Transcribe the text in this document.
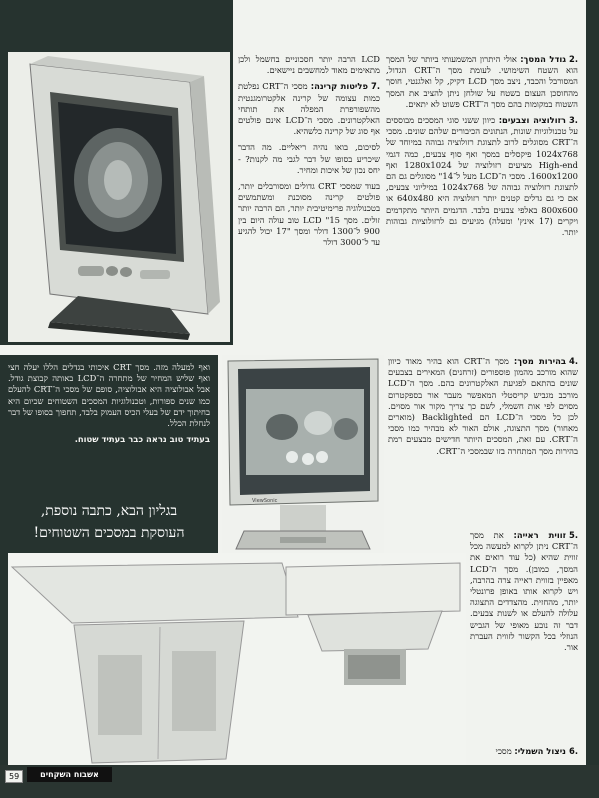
ViewSonic

.2גודל המסך: אולי היתרון המשמעותי ביותר של המסך הוא השטח השימושי. לעומת מסך ה־CRT הגדול, המסורבל והכבד, ניצב מסך LCD דקיק, קל ואלגנטי, חוסך מהחוסכן העצום בשטח על שולחן ניתן להציב את המסך השטוח במקומות בהם מסך ה־CRT פשוט לא יתאים.

.3רזולוציה וצבעים: כיוון ששני סוגי המסכים מבוססים על טכנולוגיות שונות, הנתונים הכיבורים שלהם שונים. מסכי ה־CRT מסוגלים לרוב לתצוגת רזולוציה גבוהה במיוחד של 1024x768 פיקסלים במסך ואף סוף צבעים, כמה דגמי High-end מציעים רזולוציה של 1280x1024 ואף 1600x1200. מסכי ה־LCD מעל ל־14" מסוגלים גם הם לתצוגת רזולוציה גבוהה של 1024x768 במיליוני צבעים, אם כי גם גדלים קטנים יותר רזולוציה היא 640x480 או 800x600 באלפי צבעים בלבד. הדגמים היותר מתקדמים ויקרים (17 אינץ' ומעלה) מגיעים גם לרזולוציות גבוהות יותר.

LCD הרבה יותר חסכוניים בחשמל ולכן מתאימים מאוד למחשבים ניישאים.

.7פליטות קרינה: מסכי ה־CRT נפלטת כמות עצומה של קרינה אלקטרומגנטית מהשפורפרת המפלה את תותחי האלקטרונים. מסכי ה־LCD אינם פולטים אף סוג של קרינה כלשהיא.

לסיכום, בואו נהיה ריאליים. מה הדבר שיכריע בסופו של דבר לגבי מה לקנות? - יחס נכון של איכות ומחיר.

בעוד שמסכי CRT גדולים ומסורבלים יותר, פולטים קרינה מסוכנת ומשתמשים בטכנולוגיה פרימיטיבית יותר, הם הרבה יותר זולים. מסך LCD "15 טוב עולה היום בין 900 ל־1300 דולר ומסך "17 יכול להגיע עד ל־3000 דולר

.4בהירות מסך: מסך ה־CRT הוא בהיר מאוד כיוון שהוא מורכב מהמון פוספורים (זרחנים) המאירים בצבעים שונים בהתאם לפגיעת האלקטרונים בהם. מסך ה־LCD מורכב מגביש קריסטלי המאפשר מעבר אור בספקטרום מסוים לפי אות חשמלי, לשם כך צריך מקור אור מסוים. לכן כל מסכי ה־LCD הם Backlighted (מוארים מאחור) מסך התצוגה, אולם האור לא מבהיר כמו מסכי ה־CRT. עם זאת, המסכים היותר חדישים מבצעים רמת בהירות מסך המתחרה בזו שבמסכי ה־CRT.

.5זווית ראייה: את מסך ה־CRT ניתן לקרוא למעשה מכל זווית שהיא (כל עוד רואים את המסך, כמובן). מסך ה־LCD מאפיין בזווית ראייה צרה בהרבה, ויש לקרוא אותו באופן פרונטלי יותר, מהחזית. מהצדדים התצוגה עלולה להעלם או לשנות צבעים. דבר זה נובע מאופי של הגביש הנוזלי בכל הקשור לזווית העברת אור.

.6ניצול השמלי: מסכי

ואף למעלה מזה. מסך CRT איכותי בגדלים הללו יעלה חצי ואף שליש המחיר של מתחרה ה־LCD באותה קבוצת גודל. אבל אבולוציה היא אבולוציה, סופם של מסכי ה־CRT להעלם כמו שנים ספורות, וטכנולוגיות המסכים השטוחים שכיום היא בחיתוך ידם של בעלי הכיס העמוק בלבד, תחפוך בסופו של דבר לנחלת הכלל.

בעתיד טוב נראה כבר בעתיד שטוח.

בגליון הבא, כתבה נוספת,
העוסקת במסכים השטוחים!
59	אשבוח השקחים
